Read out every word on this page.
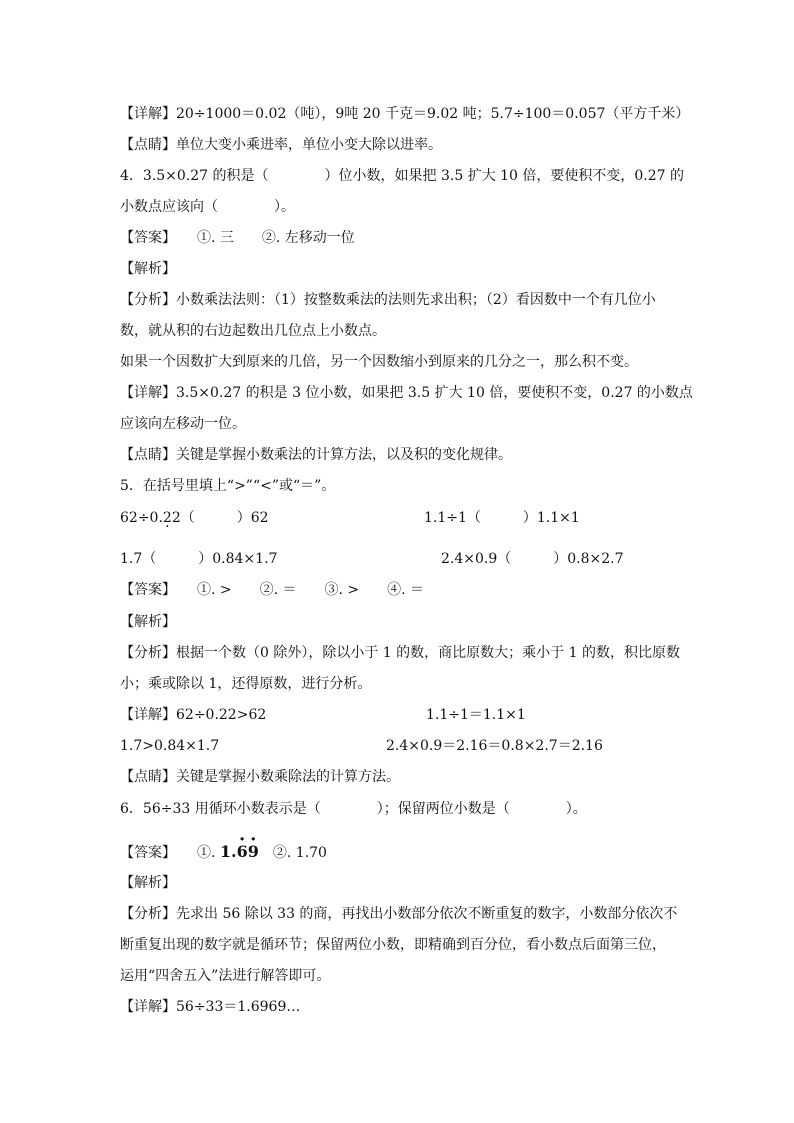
【详解】20÷1000＝0.02（吨），9吨 20 千克＝9.02 吨；5.7÷100＝0.057（平方千米）
【点睛】单位大变小乘进率，单位小变大除以进率。
4．3.5×0.27 的积是（　　　　）位小数，如果把 3.5 扩大 10 倍，要使积不变，0.27 的
小数点应该向（　　　　）。
【答案】　　①. 三　　②. 左移动一位
【解析】
【分析】小数乘法法则：（1）按整数乘法的法则先求出积；（2）看因数中一个有几位小
数，就从积的右边起数出几位点上小数点。
如果一个因数扩大到原来的几倍，另一个因数缩小到原来的几分之一，那么积不变。
【详解】3.5×0.27 的积是 3 位小数，如果把 3.5 扩大 10 倍，要使积不变，0.27 的小数点
应该向左移动一位。
【点睛】关键是掌握小数乘法的计算方法，以及积的变化规律。
5．在括号里填上“>”“<”或“＝”。
62÷0.2 ·2（　　　）62	1.1÷1（　　　）1.1×1
1.7（　　　）0.84×1.7	2.4×0.9（　　　）0.8×2.7
【答案】　　①. >　　②. ＝　　③. >　　④. ＝
【解析】
【分析】根据一个数（0 除外），除以小于 1 的数，商比原数大；乘小于 1 的数，积比原数
小；乘或除以 1，还得原数，进行分析。
【详解】62÷0.22>62	1.1÷1＝1.1×1
1.7>0.84×1.7	2.4×0.9＝2.16＝0.8×2.7＝2.16
【点睛】关键是掌握小数乘除法的计算方法。
6．56÷33 用循环小数表示是（　　　　）；保留两位小数是（　　　　）。
【答案】　　①. 1.· 6· 9　②. 1.70
【解析】
【分析】先求出 56 除以 33 的商，再找出小数部分依次不断重复的数字，小数部分依次不
断重复出现的数字就是循环节；保留两位小数，即精确到百分位，看小数点后面第三位，
运用“四舍五入”法进行解答即可。
【详解】56÷33＝1.6969…
